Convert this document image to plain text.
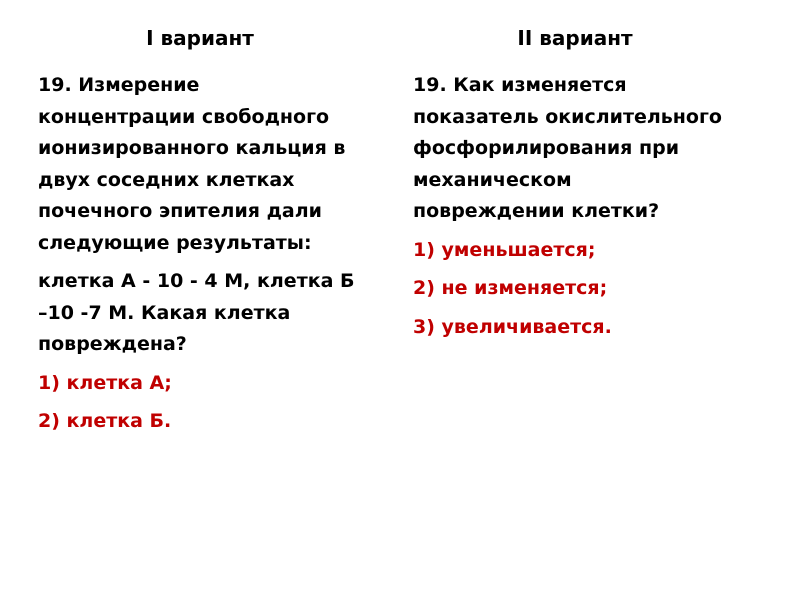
I вариант

19. Измерение
концентрации свободного
ионизированного кальция в
двух соседних клетках
почечного эпителия дали
следующие результаты:

клетка А - 10 - 4 М, клетка Б
–10 -7 М. Какая клетка
повреждена?

1) клетка А;
2) клетка Б.
II вариант

19. Как изменяется
показатель окислительного
фосфорилирования при
механическом
повреждении клетки?

1) уменьшается;
2) не изменяется;
3) увеличивается.
